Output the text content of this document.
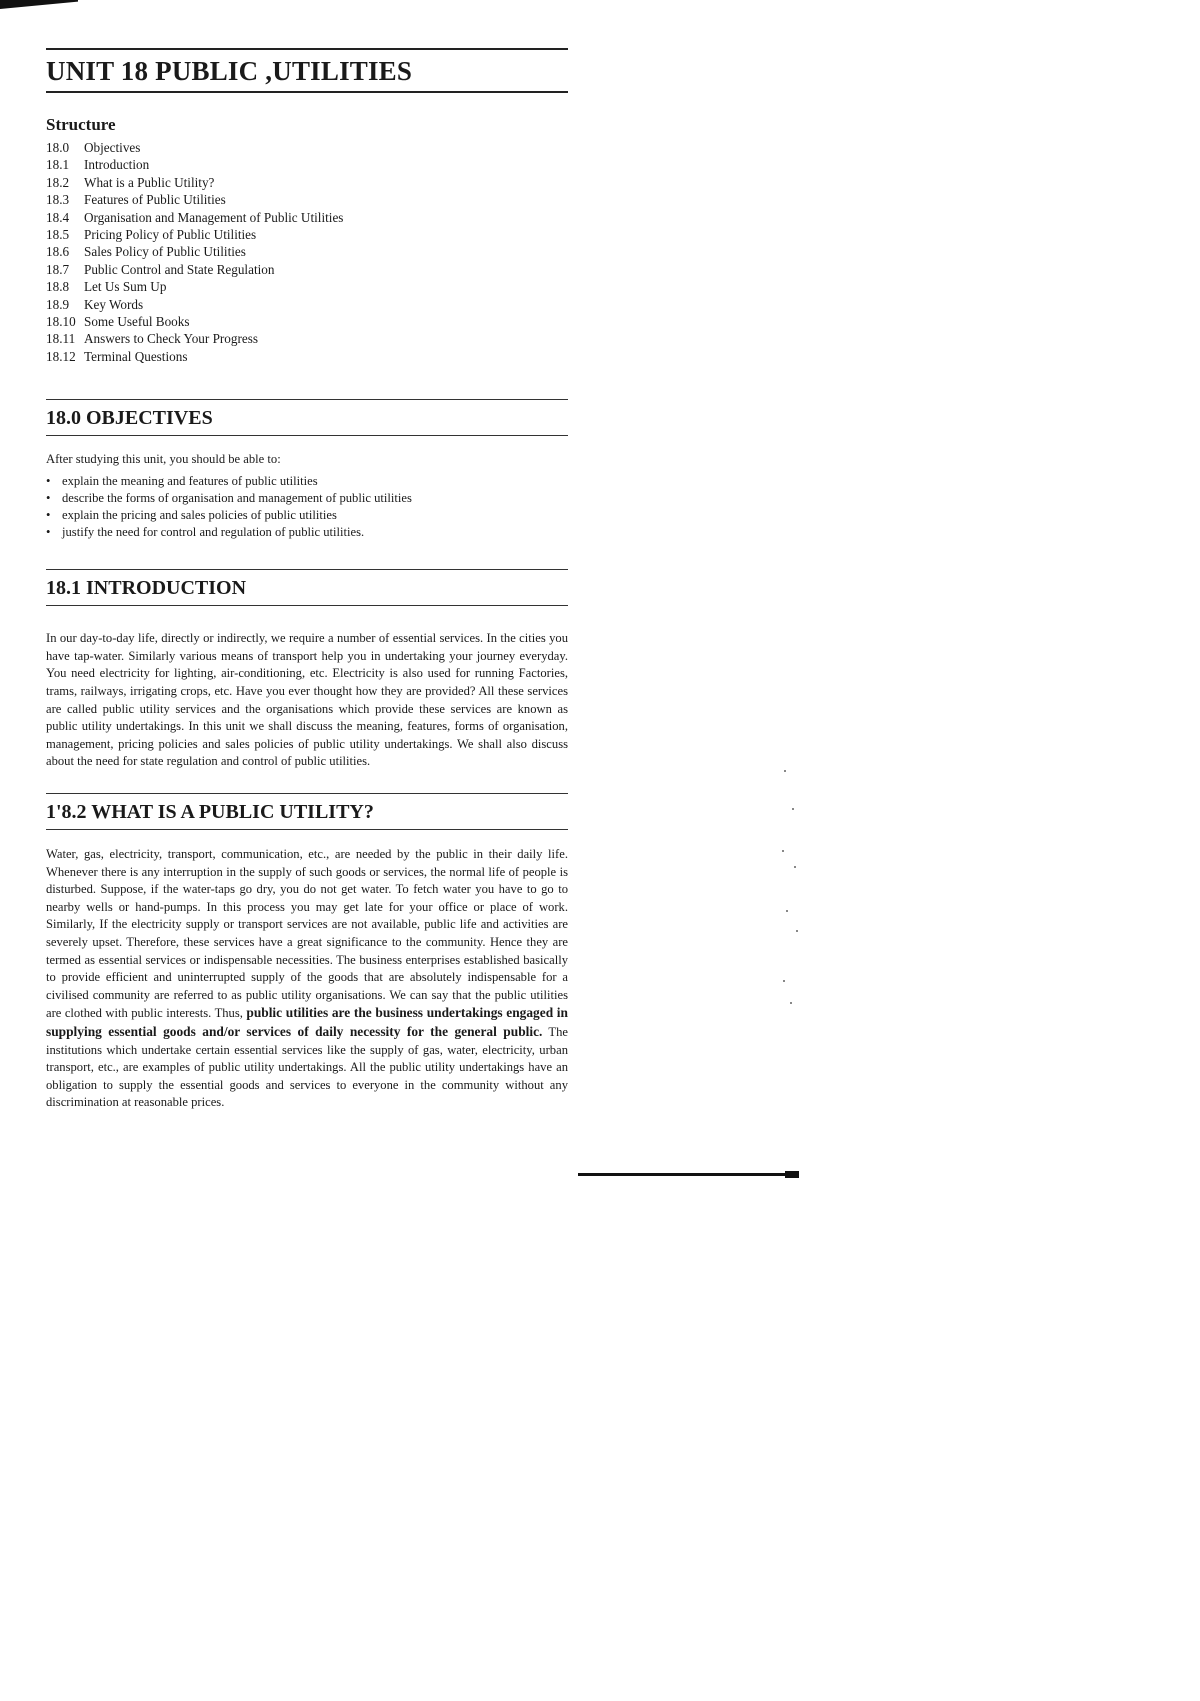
UNIT 18 PUBLIC ,UTILITIES
Structure
18.0	Objectives
18.1	Introduction
18.2	What is a Public Utility?
18.3	Features of Public Utilities
18.4	Organisation and Management of Public Utilities
18.5	Pricing Policy of Public Utilities
18.6	Sales Policy of Public Utilities
18.7	Public Control and State Regulation
18.8	Let Us Sum Up
18.9	Key Words
18.10 Some Useful Books
18.11 Answers to Check Your Progress
18.12 Terminal Questions
18.0 OBJECTIVES

After studying this unit, you should be able to:

• explain the meaning and features of public utilities
• describe the forms of organisation and management of public utilities
• explain the pricing and sales policies of public utilities
• justify the need for control and regulation of public utilities.
18.1 INTRODUCTION

In our day-to-day life, directly or indirectly, we require a number of essential services. In the cities you have tap-water. Similarly various means of transport help you in undertaking your journey everyday. You need electricity for lighting, air-conditioning, etc. Electricity is also used for running Factories, trams, railways, irrigating crops, etc. Have you ever thought how they are provided? All these services are called public utility services and the organisations which provide these services are known as public utility undertakings. In this unit we shall discuss the meaning, features, forms of organisation, management, pricing policies and sales policies of public utility undertakings. We shall also discuss about the need for state regulation and control of public utilities.

1'8.2 WHAT IS A PUBLIC UTILITY?

Water, gas, electricity, transport, communication, etc., are needed by the public in their daily life. Whenever there is any interruption in the supply of such goods or services, the normal life of people is disturbed. Suppose, if the water-taps go dry, you do not get water. To fetch water you have to go to nearby wells or hand-pumps. In this process you may get late for your office or place of work. Similarly, If the electricity supply or transport services are not available, public life and activities are severely upset. Therefore, these services have a great significance to the community. Hence they are termed as essential services or indispensable necessities. The business enterprises established basically to provide efficient and uninterrupted supply of the goods that are absolutely indispensable for a civilised community are referred to as public utility organisations. We can say that the public utilities are clothed with public interests. Thus, public utilities are the business undertakings engaged in supplying essential goods and/or services of daily necessity for the general public. The institutions which undertake certain essential services like the supply of gas, water, electricity, urban transport, etc., are examples of public utility undertakings. All the public utility undertakings have an obligation to supply the essential goods and services to everyone in the community without any discrimination at reasonable prices.
